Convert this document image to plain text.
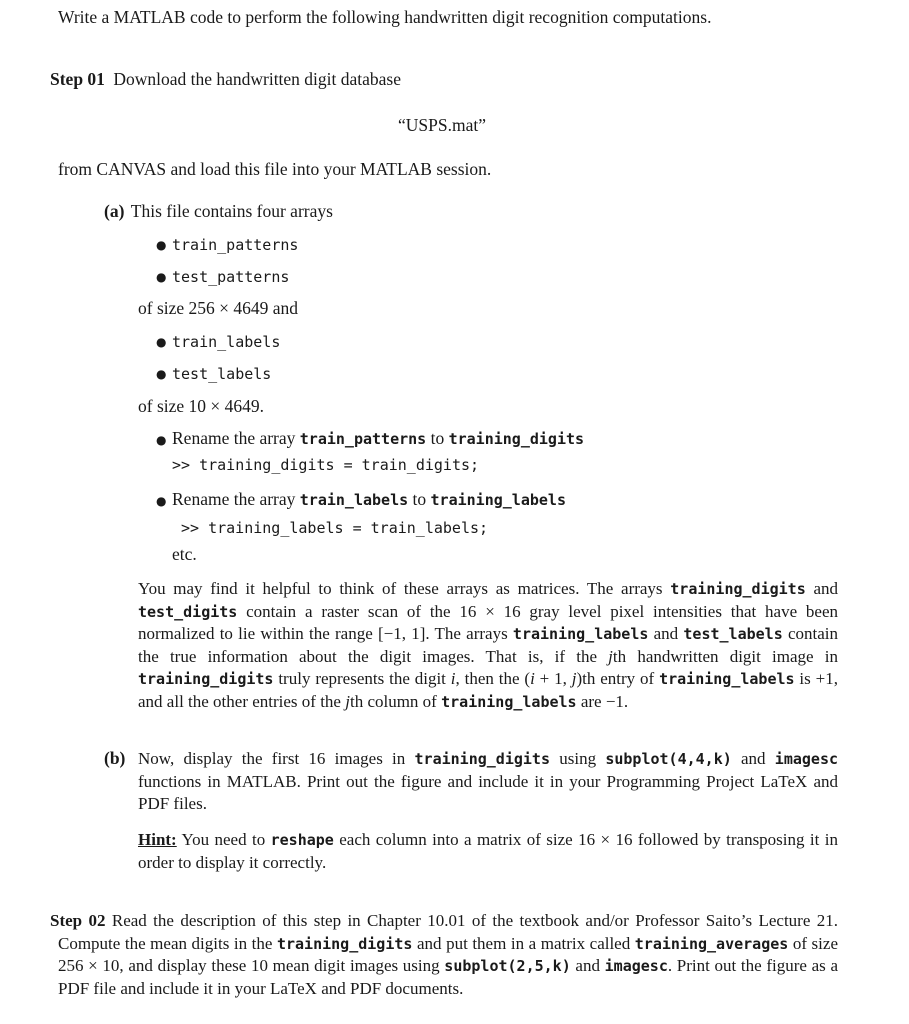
Write a MATLAB code to perform the following handwritten digit recognition computations.
Step 01 Download the handwritten digit database
“USPS.mat”
from CANVAS and load this file into your MATLAB session.
(a) This file contains four arrays
● train_patterns
● test_patterns
of size 256 × 4649 and
● train_labels
● test_labels
of size 10 × 4649.
● Rename the array train_patterns to training_digits
>> training_digits = train_digits;
● Rename the array train_labels to training_labels
>> training_labels = train_labels;
etc.
You may find it helpful to think of these arrays as matrices. The arrays training_digits and test_digits contain a raster scan of the 16 × 16 gray level pixel intensities that have been normalized to lie within the range [−1, 1]. The arrays training_labels and test_labels contain the true information about the digit images. That is, if the jth handwritten digit image in training_digits truly represents the digit i, then the (i + 1, j)th entry of training_labels is +1, and all the other entries of the jth column of training_labels are −1.
(b) Now, display the first 16 images in training_digits using subplot(4,4,k) and imagesc functions in MATLAB. Print out the figure and include it in your Programming Project LaTeX and PDF files.
Hint: You need to reshape each column into a matrix of size 16 × 16 followed by transposing it in order to display it correctly.
Step 02 Read the description of this step in Chapter 10.01 of the textbook and/or Professor Saito’s Lecture 21. Compute the mean digits in the training_digits and put them in a matrix called training_averages of size 256 × 10, and display these 10 mean digit images using subplot(2,5,k) and imagesc. Print out the figure as a PDF file and include it in your LaTeX and PDF documents.
